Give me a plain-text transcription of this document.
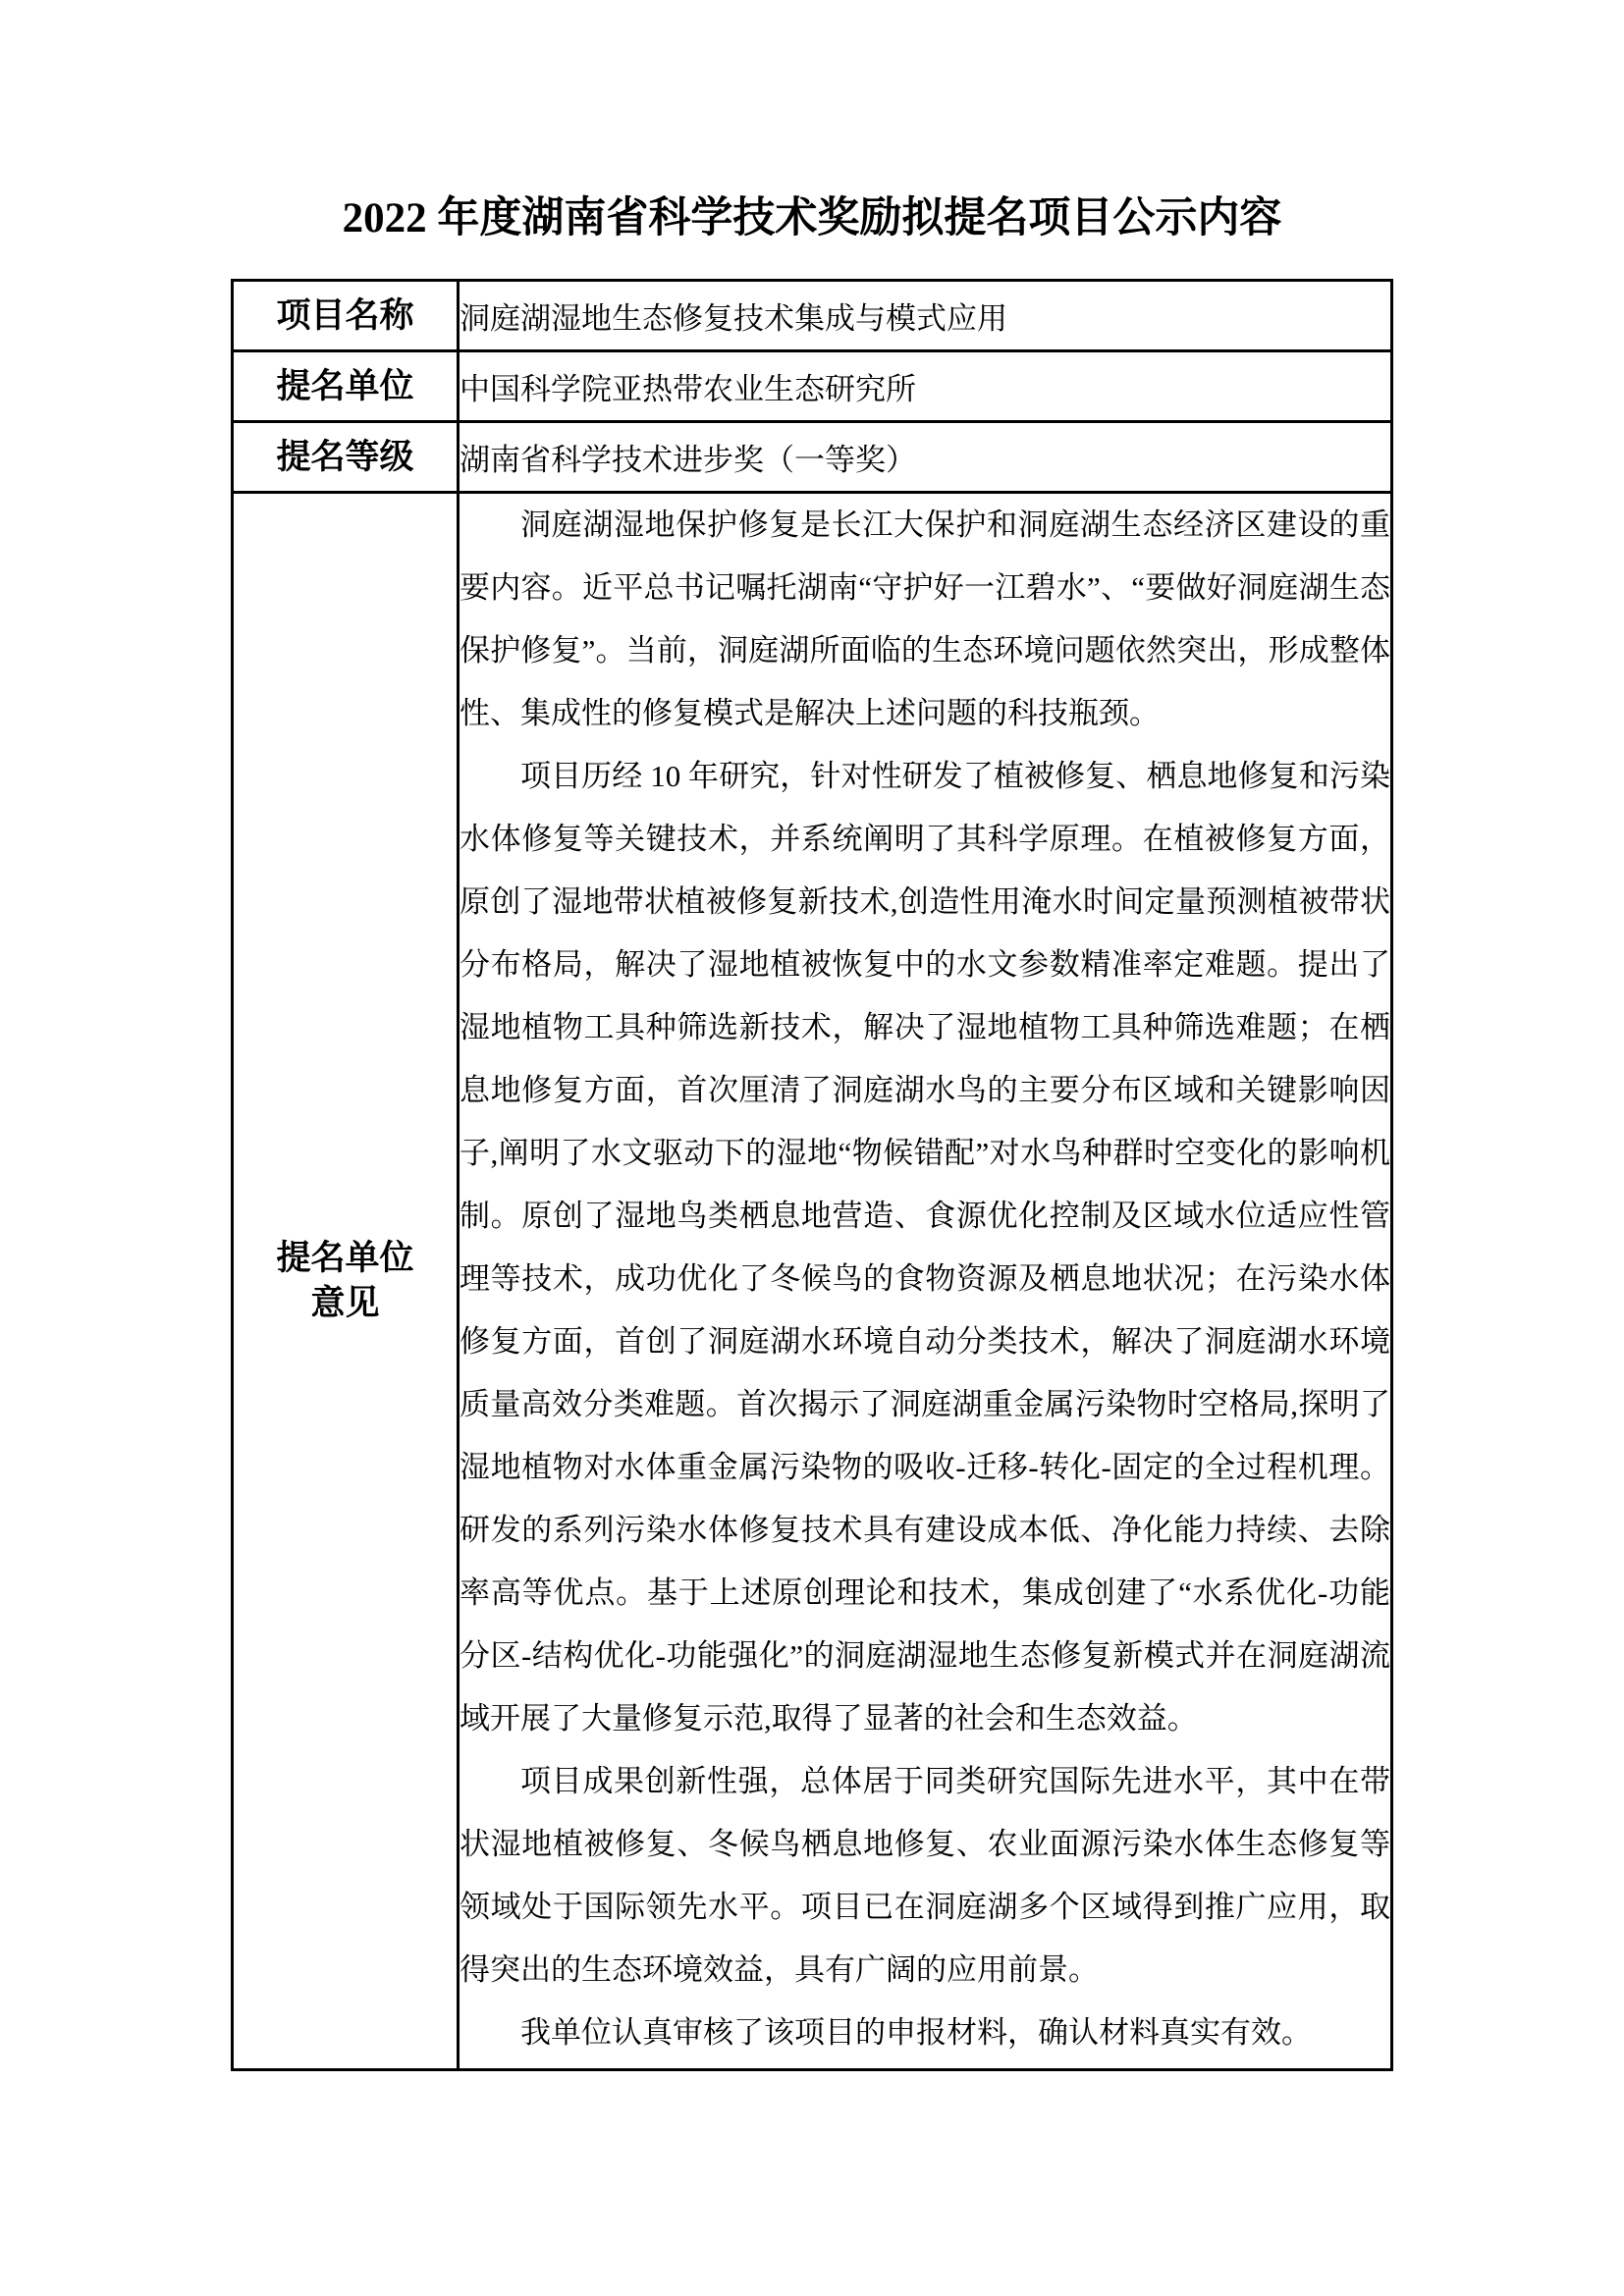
2022 年度湖南省科学技术奖励拟提名项目公示内容
项目名称	洞庭湖湿地生态修复技术集成与模式应用
提名单位	中国科学院亚热带农业生态研究所
提名等级	湖南省科学技术进步奖（一等奖）

提名单位
意见

洞庭湖湿地保护修复是长江大保护和洞庭湖生态经济区建设的重要内容。近平总书记嘱托湖南“守护好一江碧水”、“要做好洞庭湖生态保护修复”。当前，洞庭湖所面临的生态环境问题依然突出，形成整体性、集成性的修复模式是解决上述问题的科技瓶颈。

项目历经 10 年研究，针对性研发了植被修复、栖息地修复和污染水体修复等关键技术，并系统阐明了其科学原理。在植被修复方面，原创了湿地带状植被修复新技术,创造性用淹水时间定量预测植被带状分布格局，解决了湿地植被恢复中的水文参数精准率定难题。提出了湿地植物工具种筛选新技术，解决了湿地植物工具种筛选难题；在栖息地修复方面，首次厘清了洞庭湖水鸟的主要分布区域和关键影响因子,阐明了水文驱动下的湿地“物候错配”对水鸟种群时空变化的影响机制。原创了湿地鸟类栖息地营造、食源优化控制及区域水位适应性管理等技术，成功优化了冬候鸟的食物资源及栖息地状况；在污染水体修复方面，首创了洞庭湖水环境自动分类技术，解决了洞庭湖水环境质量高效分类难题。首次揭示了洞庭湖重金属污染物时空格局,探明了湿地植物对水体重金属污染物的吸收-迁移-转化-固定的全过程机理。研发的系列污染水体修复技术具有建设成本低、净化能力持续、去除率高等优点。基于上述原创理论和技术，集成创建了“水系优化-功能分区-结构优化-功能强化”的洞庭湖湿地生态修复新模式并在洞庭湖流域开展了大量修复示范,取得了显著的社会和生态效益。

项目成果创新性强，总体居于同类研究国际先进水平，其中在带状湿地植被修复、冬候鸟栖息地修复、农业面源污染水体生态修复等领域处于国际领先水平。项目已在洞庭湖多个区域得到推广应用，取得突出的生态环境效益，具有广阔的应用前景。

我单位认真审核了该项目的申报材料，确认材料真实有效。
